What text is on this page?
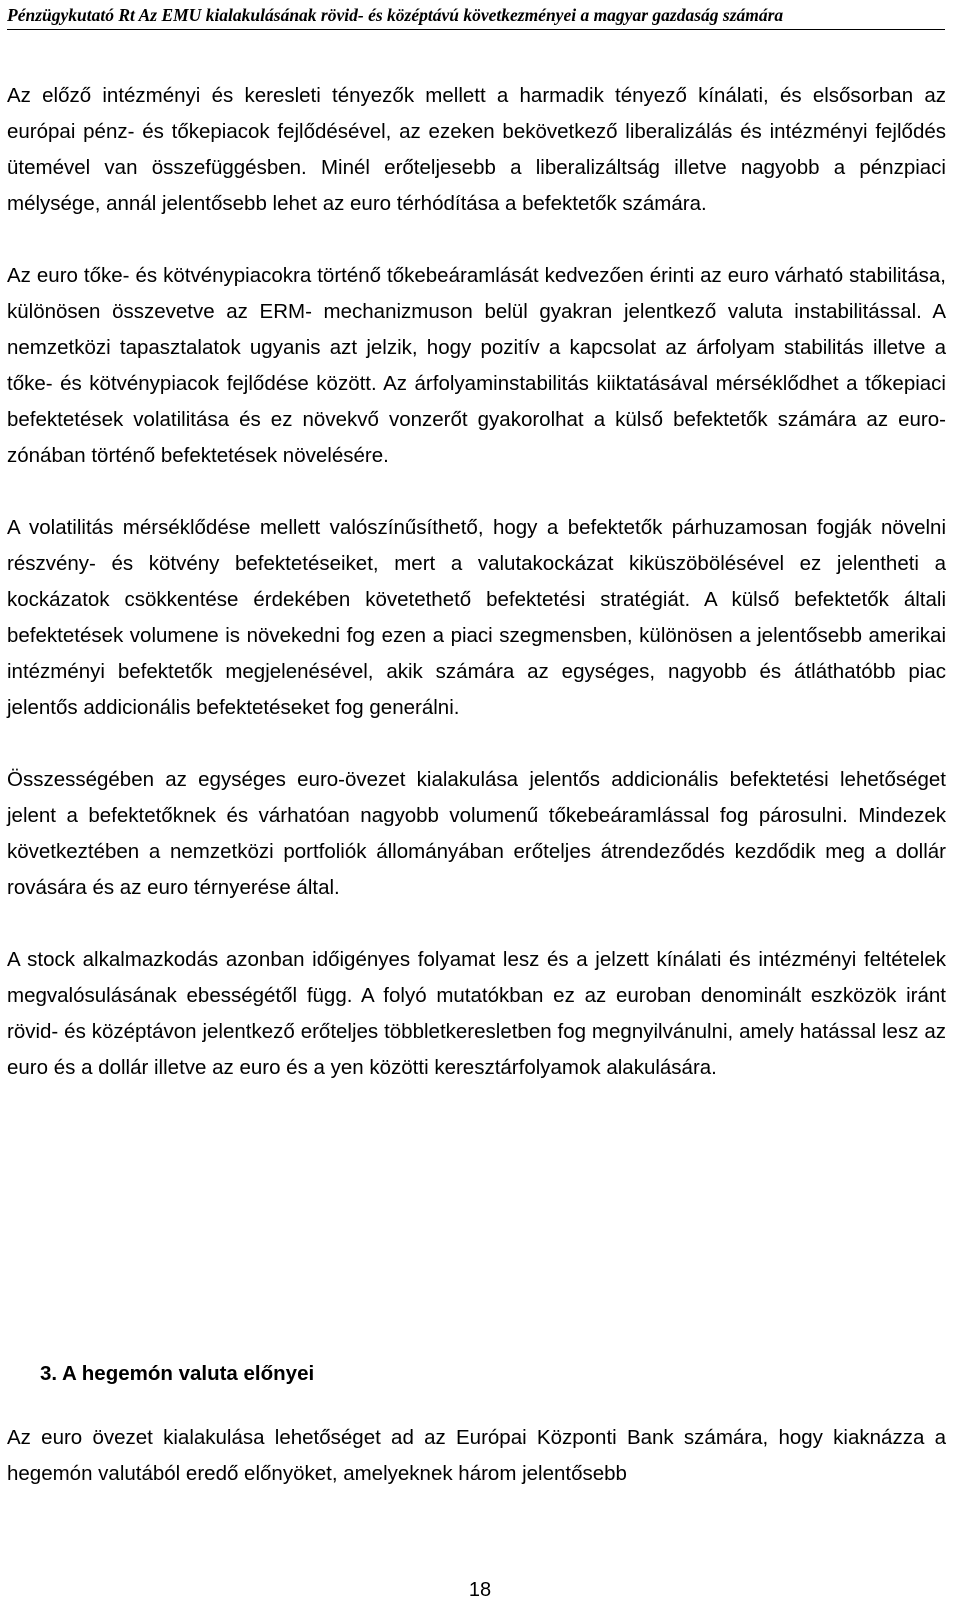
Pénzügykutató Rt Az EMU kialakulásának rövid- és középtávú következményei a magyar gazdaság számára

Az előző intézményi és keresleti tényezők mellett a harmadik tényező kínálati, és elsősorban az európai pénz- és tőkepiacok fejlődésével, az ezeken bekövetkező liberalizálás és intézményi fejlődés ütemével van összefüggésben. Minél erőteljesebb a liberalizáltság illetve nagyobb a pénzpiaci mélysége, annál jelentősebb lehet az euro térhódítása a befektetők számára.

Az euro tőke- és kötvénypiacokra történő tőkebeáramlását kedvezően érinti az euro várható stabilitása, különösen összevetve az ERM- mechanizmuson belül gyakran jelentkező valuta instabilitással. A nemzetközi tapasztalatok ugyanis azt jelzik, hogy pozitív a kapcsolat az árfolyam stabilitás illetve a tőke- és kötvénypiacok fejlődése között. Az árfolyaminstabilitás kiiktatásával mérséklődhet a tőkepiaci befektetések volatilitása és ez növekvő vonzerőt gyakorolhat a külső befektetők számára az euro-zónában történő befektetések növelésére.

A volatilitás mérséklődése mellett valószínűsíthető, hogy a befektetők párhuzamosan fogják növelni részvény- és kötvény befektetéseiket, mert a valutakockázat kiküszöbölésével ez jelentheti a kockázatok csökkentése érdekében követethető befektetési stratégiát. A külső befektetők általi befektetések volumene is növekedni fog ezen a piaci szegmensben, különösen a jelentősebb amerikai intézményi befektetők megjelenésével, akik számára az egységes, nagyobb és átláthatóbb piac jelentős addicionális befektetéseket fog generálni.

Összességében az egységes euro-övezet kialakulása jelentős addicionális befektetési lehetőséget jelent a befektetőknek és várhatóan nagyobb volumenű tőkebeáramlással fog párosulni. Mindezek következtében a nemzetközi portfoliók állományában erőteljes átrendeződés kezdődik meg a dollár rovására és az euro térnyerése által.

A stock alkalmazkodás azonban időigényes folyamat lesz és a jelzett kínálati és intézményi feltételek megvalósulásának ebességétől függ. A folyó mutatókban ez az euroban denominált eszközök iránt rövid- és középtávon jelentkező erőteljes többletkeresletben fog megnyilvánulni, amely hatással lesz az euro és a dollár illetve az euro és a yen közötti keresztárfolyamok alakulására.

3. A hegemón valuta előnyei

Az euro övezet kialakulása lehetőséget ad az Európai Központi Bank számára, hogy kiaknázza a hegemón valutából eredő előnyöket, amelyeknek három jelentősebb

18
